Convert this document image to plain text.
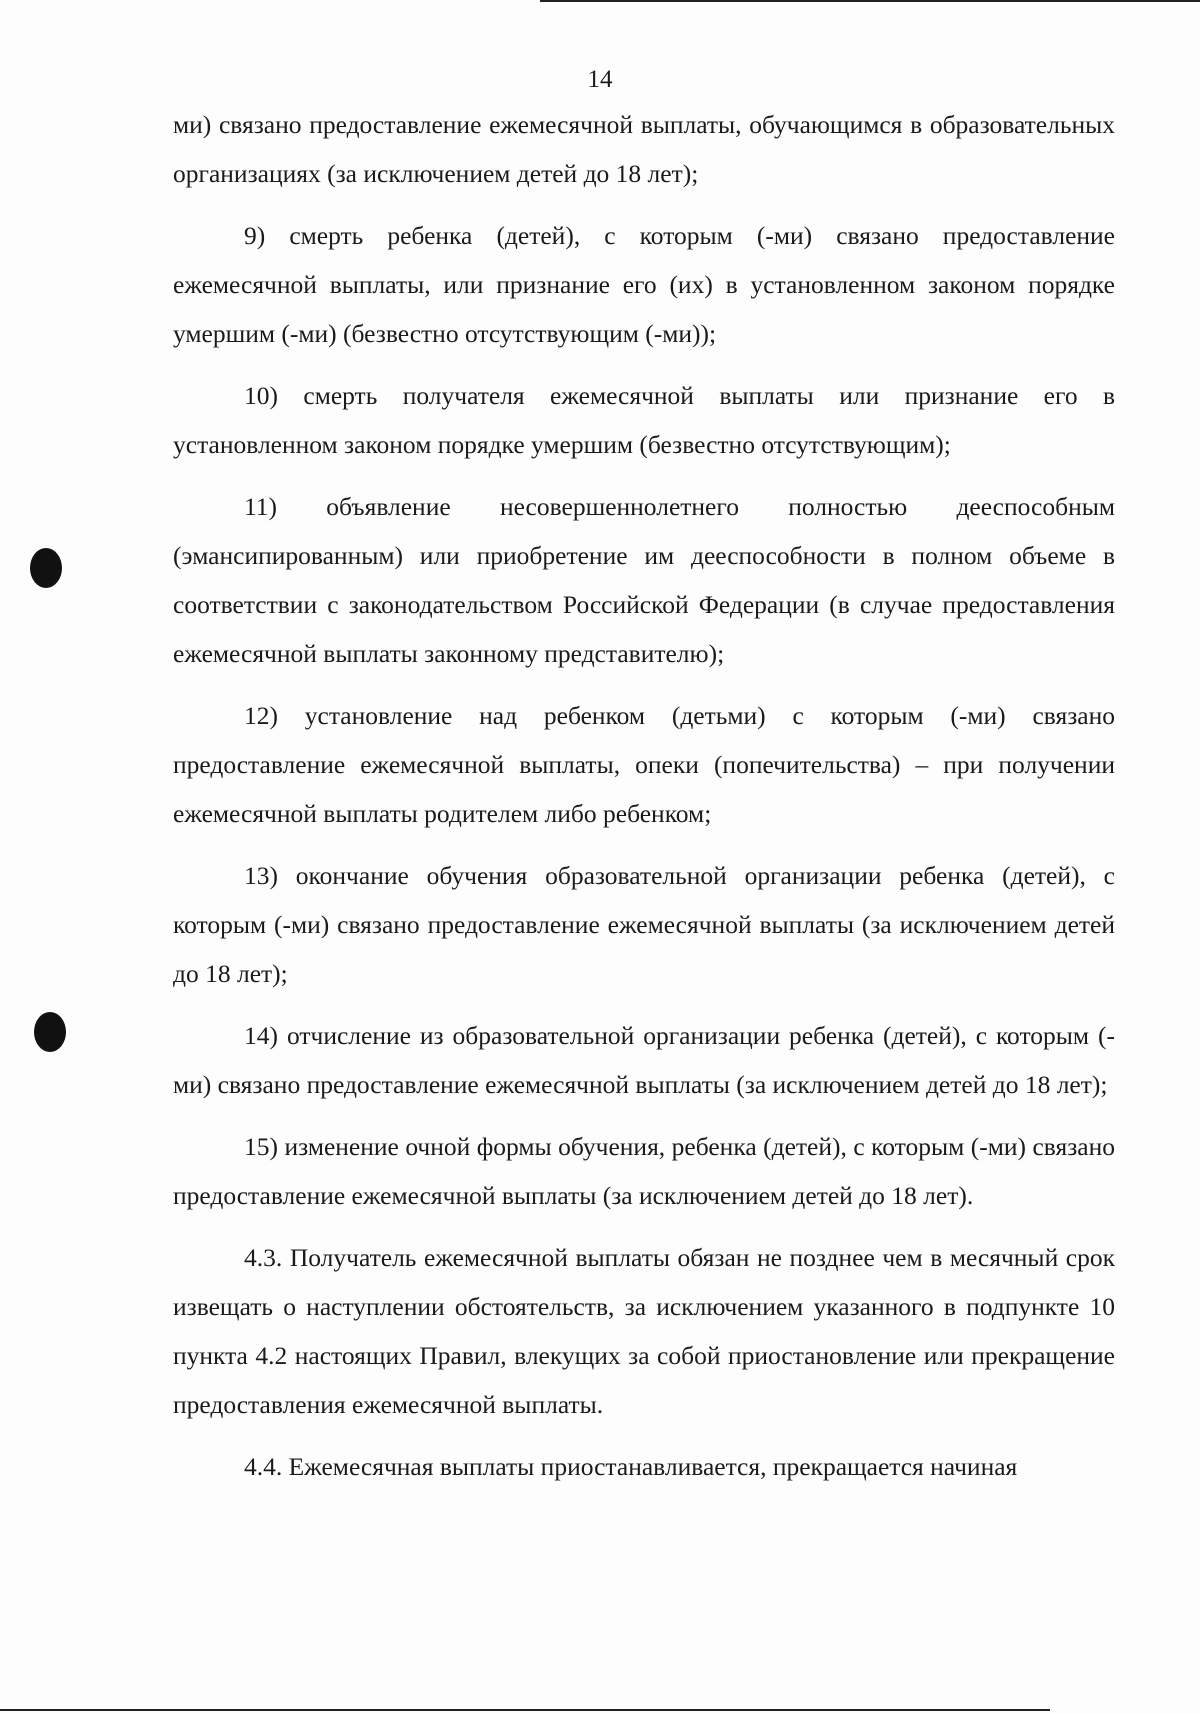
14

ми) связано предоставление ежемесячной выплаты, обучающимся в образовательных организациях (за исключением детей до 18 лет);

9) смерть ребенка (детей), с которым (-ми) связано предоставление ежемесячной выплаты, или признание его (их) в установленном законом порядке умершим (-ми) (безвестно отсутствующим (-ми));

10) смерть получателя ежемесячной выплаты или признание его в установленном законом порядке умершим (безвестно отсутствующим);

11) объявление несовершеннолетнего полностью дееспособным (эмансипированным) или приобретение им дееспособности в полном объеме в соответствии с законодательством Российской Федерации (в случае предоставления ежемесячной выплаты законному представителю);

12) установление над ребенком (детьми) с которым (-ми) связано предоставление ежемесячной выплаты, опеки (попечительства) – при получении ежемесячной выплаты родителем либо ребенком;

13) окончание обучения образовательной организации ребенка (детей), с которым (-ми) связано предоставление ежемесячной выплаты (за исключением детей до 18 лет);

14) отчисление из образовательной организации ребенка (детей), с которым (-ми) связано предоставление ежемесячной выплаты (за исключением детей до 18 лет);

15) изменение очной формы обучения, ребенка (детей), с которым (-ми) связано предоставление ежемесячной выплаты (за исключением детей до 18 лет).

4.3. Получатель ежемесячной выплаты обязан не позднее чем в месячный срок извещать о наступлении обстоятельств, за исключением указанного в подпункте 10 пункта 4.2 настоящих Правил, влекущих за собой приостановление или прекращение предоставления ежемесячной выплаты.

4.4. Ежемесячная выплаты приостанавливается, прекращается начиная
